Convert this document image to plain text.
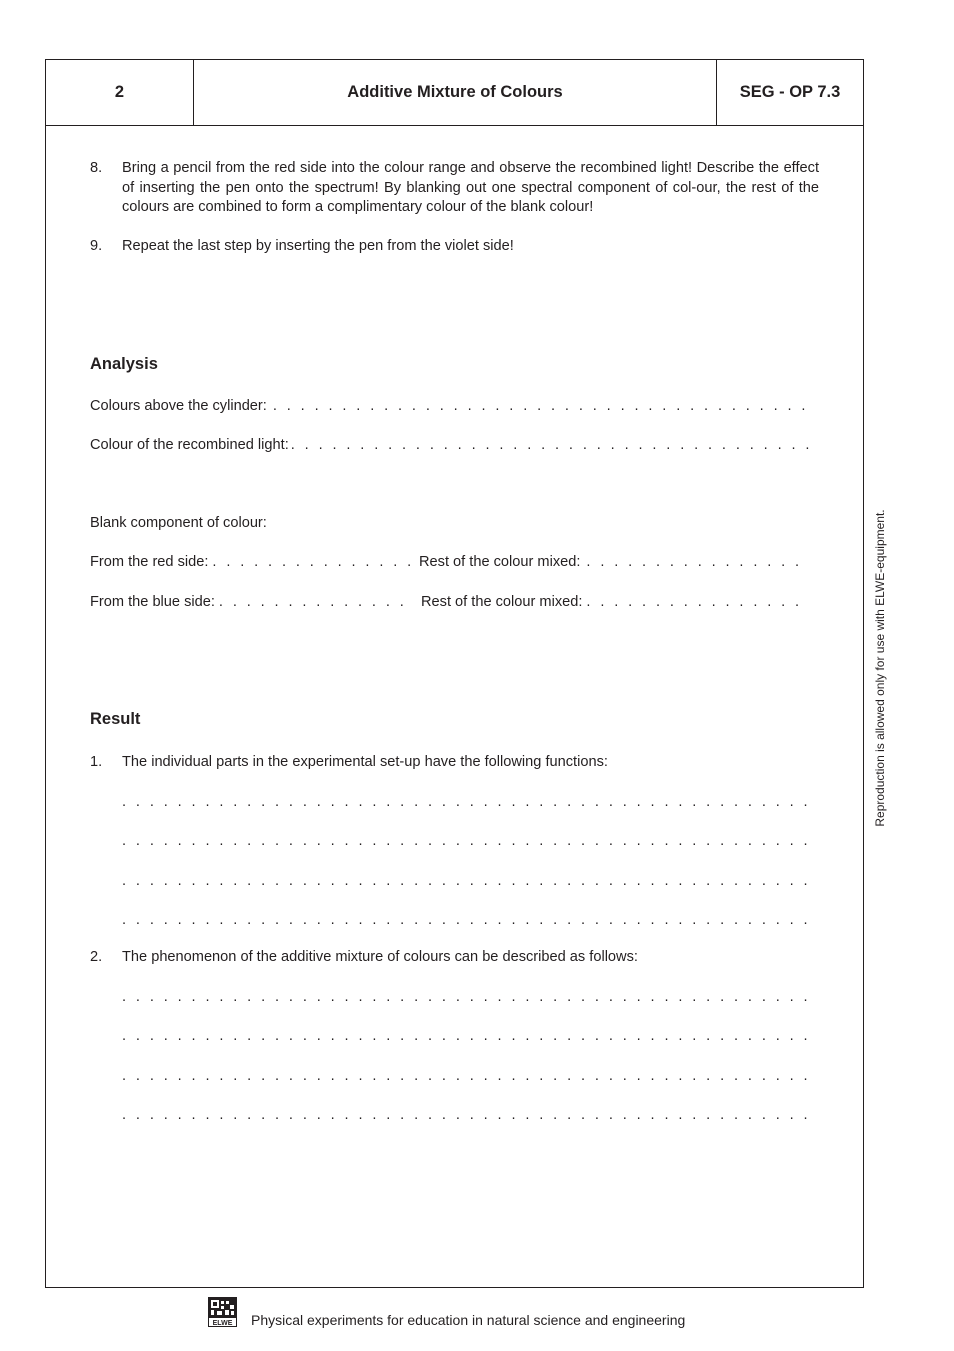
2	Additive Mixture of Colours	SEG - OP 7.3
8. Bring a pencil from the red side into the colour range and observe the recombined light! Describe the effect of inserting the pen onto the spectrum! By blanking out one spectral component of col-our, the rest of the colours are combined to form a complimentary colour of the blank colour!
9. Repeat the last step by inserting the pen from the violet side!
Analysis
Colours above the cylinder:
. . .
Colour of the recombined light:
. . .
Blank component of colour:
From the red side: . . .	Rest of the colour mixed:
. . .
From the blue side: . . .	Rest of the colour mixed:
. . .
Result
1. The individual parts in the experimental set-up have the following functions:
. . .
. . .
. . .
. . .
2. The phenomenon of the additive mixture of colours can be described as follows:
. . .
. . .
. . .
. . .
Reproduction is allowed only for use with ELWE-equipment.
ELWE Physical experiments for education in natural science and engineering
